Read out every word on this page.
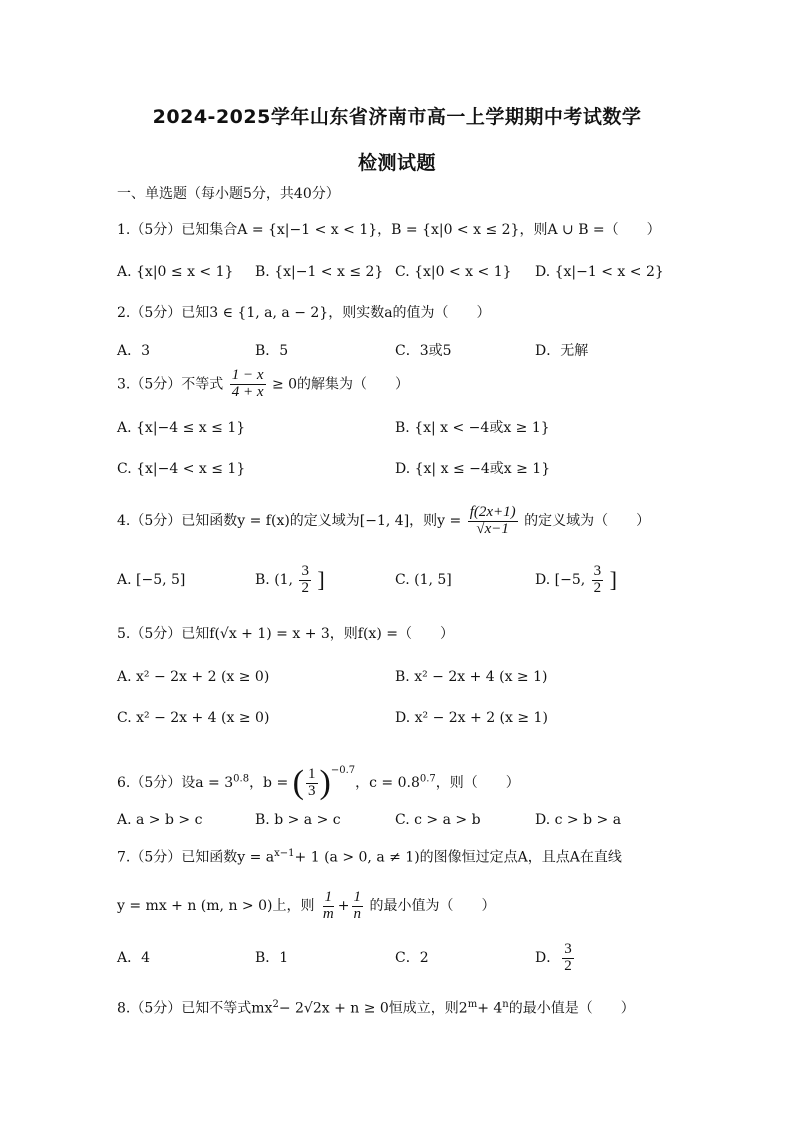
2024-2025学年山东省济南市高一上学期期中考试数学
检测试题
一、单选题（每小题5分，共40分）
1.（5分）已知集合A = {x|−1 < x < 1}，B = {x|0 < x ≤ 2}，则A ∪ B =（　　）
A. {x|0 ≤ x < 1} B. {x|−1 < x ≤ 2} C. {x|0 < x < 1} D. {x|−1 < x < 2}
2.（5分）已知3 ∈ {1, a, a − 2}，则实数a的值为（　　）
A．3	B．5	C．3或5	D．无解
3.（5分）不等式 $\frac{1 - x}{4 + x} \ge 0$的解集为（　　）
A. {x|−4 ≤ x ≤ 1}	B. {x| x < −4或x ≥ 1}
C. {x|−4 < x ≤ 1}	D. {x| x ≤ −4或x ≥ 1}
4.（5分）已知函数y = f(x)的定义域为[−1, 4]，则$y = \frac{f(2x+1)}{√x-1}$ 的定义域为（　　）
A. [−5, 5]	B. (1, $\frac{3}{2}$ ]	C. (1, 5]	D. [−5, $\frac{3}{2}$ ]
5.（5分）已知f(√x + 1) = x + 3，则f(x) =（　　）
A. x² − 2x + 2 (x ≥ 0)	B. x² − 2x + 4 (x ≥ 1)
C. x² − 2x + 4 (x ≥ 0)	D. x² − 2x + 2 (x ≥ 1)
6.（5分）设$a = 3^{0.8}$，b = ( $\frac{1}{3} )^{-0.7}$，$c = 0.8^{0.7}$，则（　　）
A. a > b > c	B. b > a > c	C. c > a > b	D. c > b > a
7.（5分）已知函数$y = a^{x-1}+ 1$ (a > 0, a ≠ 1)的图像恒过定点A，且点A在直线
y = mx + n (m, n > 0)上，则 $\frac{1}{m} + \frac{1}{n}$ 的最小值为（　　）
A．4	B．1	C．2	D． $\frac{3}{2}$
8.（5分）已知不等式$mx^2- 2√2x + n \ge 0$恒成立，则$2^m+ 4^n$的最小值是（　　）
